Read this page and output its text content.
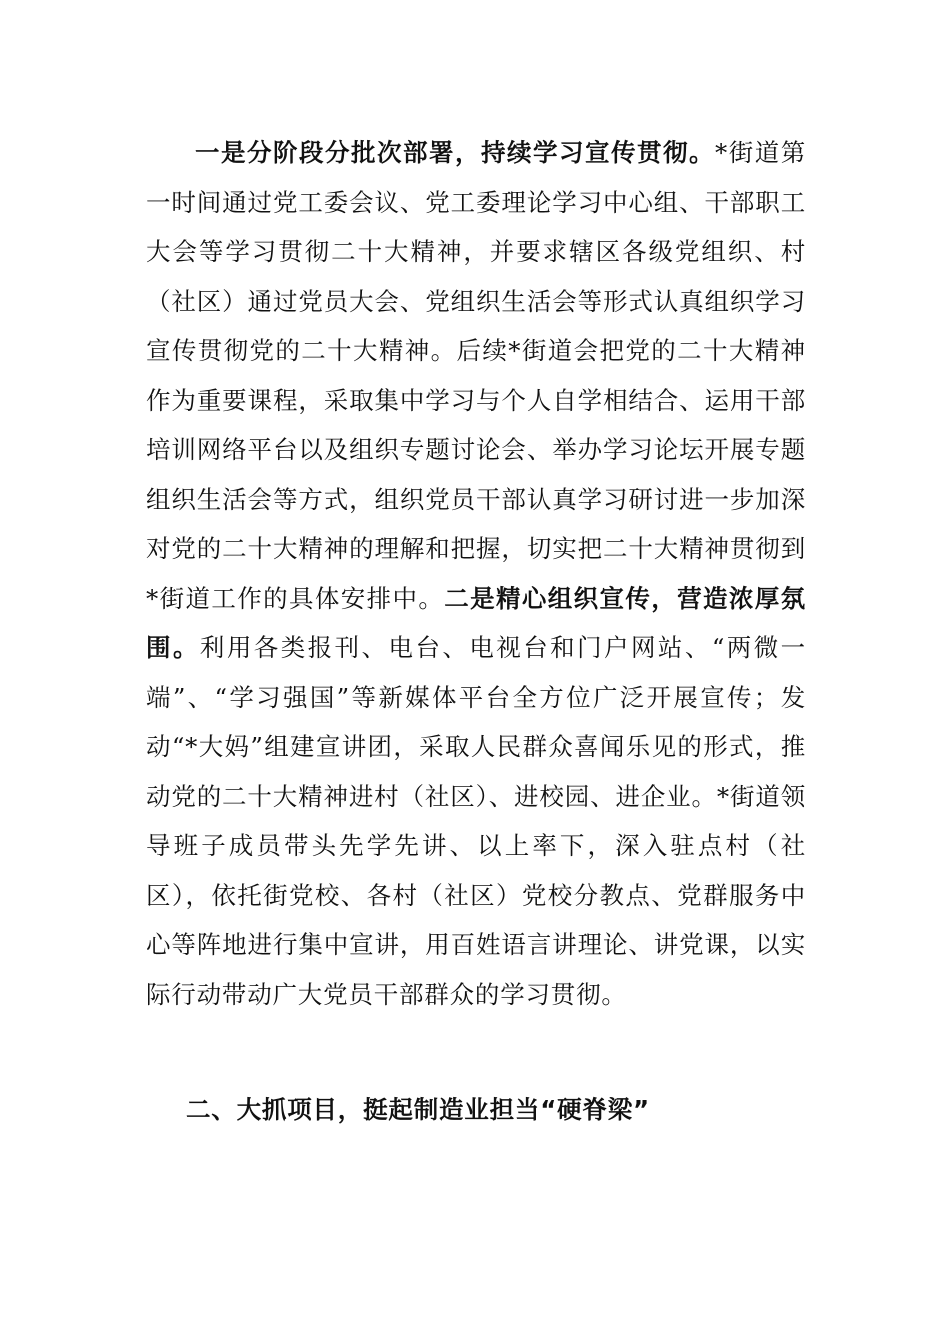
一是分阶段分批次部署，持续学习宣传贯彻。*街道第一时间通过党工委会议、党工委理论学习中心组、干部职工大会等学习贯彻二十大精神，并要求辖区各级党组织、村（社区）通过党员大会、党组织生活会等形式认真组织学习宣传贯彻党的二十大精神。后续*街道会把党的二十大精神作为重要课程，采取集中学习与个人自学相结合、运用干部培训网络平台以及组织专题讨论会、举办学习论坛开展专题组织生活会等方式，组织党员干部认真学习研讨进一步加深对党的二十大精神的理解和把握，切实把二十大精神贯彻到*街道工作的具体安排中。二是精心组织宣传，营造浓厚氛围。利用各类报刊、电台、电视台和门户网站、“两微一端”、“学习强国”等新媒体平台全方位广泛开展宣传；发动“*大妈”组建宣讲团，采取人民群众喜闻乐见的形式，推动党的二十大精神进村（社区）、进校园、进企业。*街道领导班子成员带头先学先讲、以上率下，深入驻点村（社区），依托街党校、各村（社区）党校分教点、党群服务中心等阵地进行集中宣讲，用百姓语言讲理论、讲党课，以实际行动带动广大党员干部群众的学习贯彻。

二、大抓项目，挺起制造业担当“硬脊梁”
